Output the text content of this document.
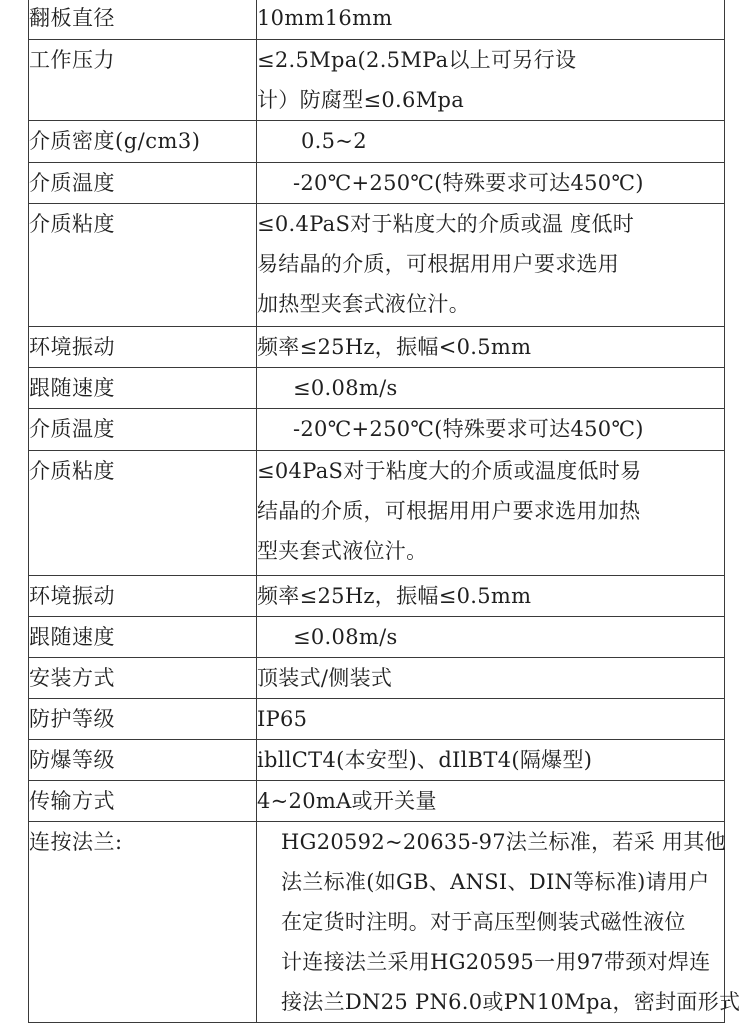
翻板直径	10mm16mm

工作压力	≤2.5Mpa(2.5MPa以上可另行设
计）防腐型≤0.6Mpa

介质密度(g/cm3)	0.5~2

介质温度	-20℃+250℃(特殊要求可达450℃)

介质粘度	≤0.4PaS对于粘度大的介质或温 度低时
易结晶的介质，可根据用用户要求选用
加热型夹套式液位汁。

环境振动	频率≤25Hz，振幅<0.5mm

跟随速度	≤0.08m/s

介质温度	-20℃+250℃(特殊要求可达450℃)

介质粘度	≤04PaS对于粘度大的介质或温度低时易
结晶的介质，可根据用用户要求选用加热
型夹套式液位汁。

环境振动	频率≤25Hz，振幅≤0.5mm

跟随速度	≤0.08m/s

安装方式	顶装式/侧装式

防护等级	IP65

防爆等级	ibllCT4(本安型)、dIlBT4(隔爆型)

传输方式	4~20mA或开关量

连按法兰:	HG20592~20635-97法兰标准，若采 用其他
法兰标准(如GB、ANSI、DIN等标准)请用户
在定货时注明。对于高压型侧装式磁性液位
计连接法兰采用HG20595一用97带颈对焊连
接法兰DN25 PN6.0或PN10Mpa，密封面形式
